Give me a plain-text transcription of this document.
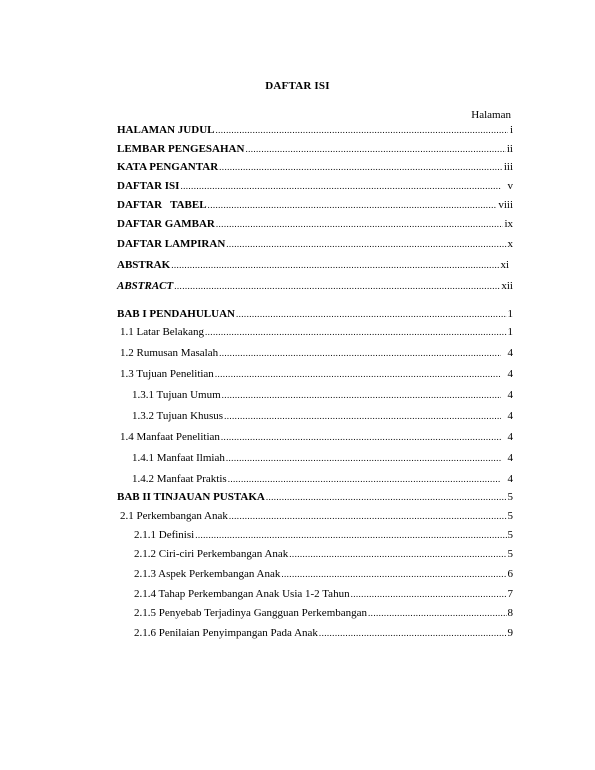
DAFTAR ISI
Halaman
HALAMAN JUDUL .....	i
LEMBAR PENGESAHAN .....	ii
KATA PENGANTAR .....	iii
DAFTAR ISI .....	v
DAFTAR   TABEL .....	viii
DAFTAR GAMBAR .....	ix
DAFTAR LAMPIRAN .....	x
ABSTRAK .....	xi
ABSTRACT .....	xii
BAB I PENDAHULUAN .....	1
1.1 Latar Belakang .....	1
1.2 Rumusan Masalah .....	4
1.3 Tujuan Penelitian .....	4
1.3.1 Tujuan Umum .....	4
1.3.2 Tujuan Khusus .....	4
1.4 Manfaat Penelitian .....	4
1.4.1 Manfaat Ilmiah .....	4
1.4.2 Manfaat Praktis .....	4
BAB II TINJAUAN PUSTAKA .....	5
2.1 Perkembangan Anak .....	5
2.1.1 Definisi .....	5
2.1.2 Ciri-ciri Perkembangan Anak .....	5
2.1.3 Aspek Perkembangan Anak .....	6
2.1.4 Tahap Perkembangan Anak Usia 1-2 Tahun .....	7
2.1.5 Penyebab Terjadinya Gangguan Perkembangan .....	8
2.1.6 Penilaian Penyimpangan Pada Anak .....	9
